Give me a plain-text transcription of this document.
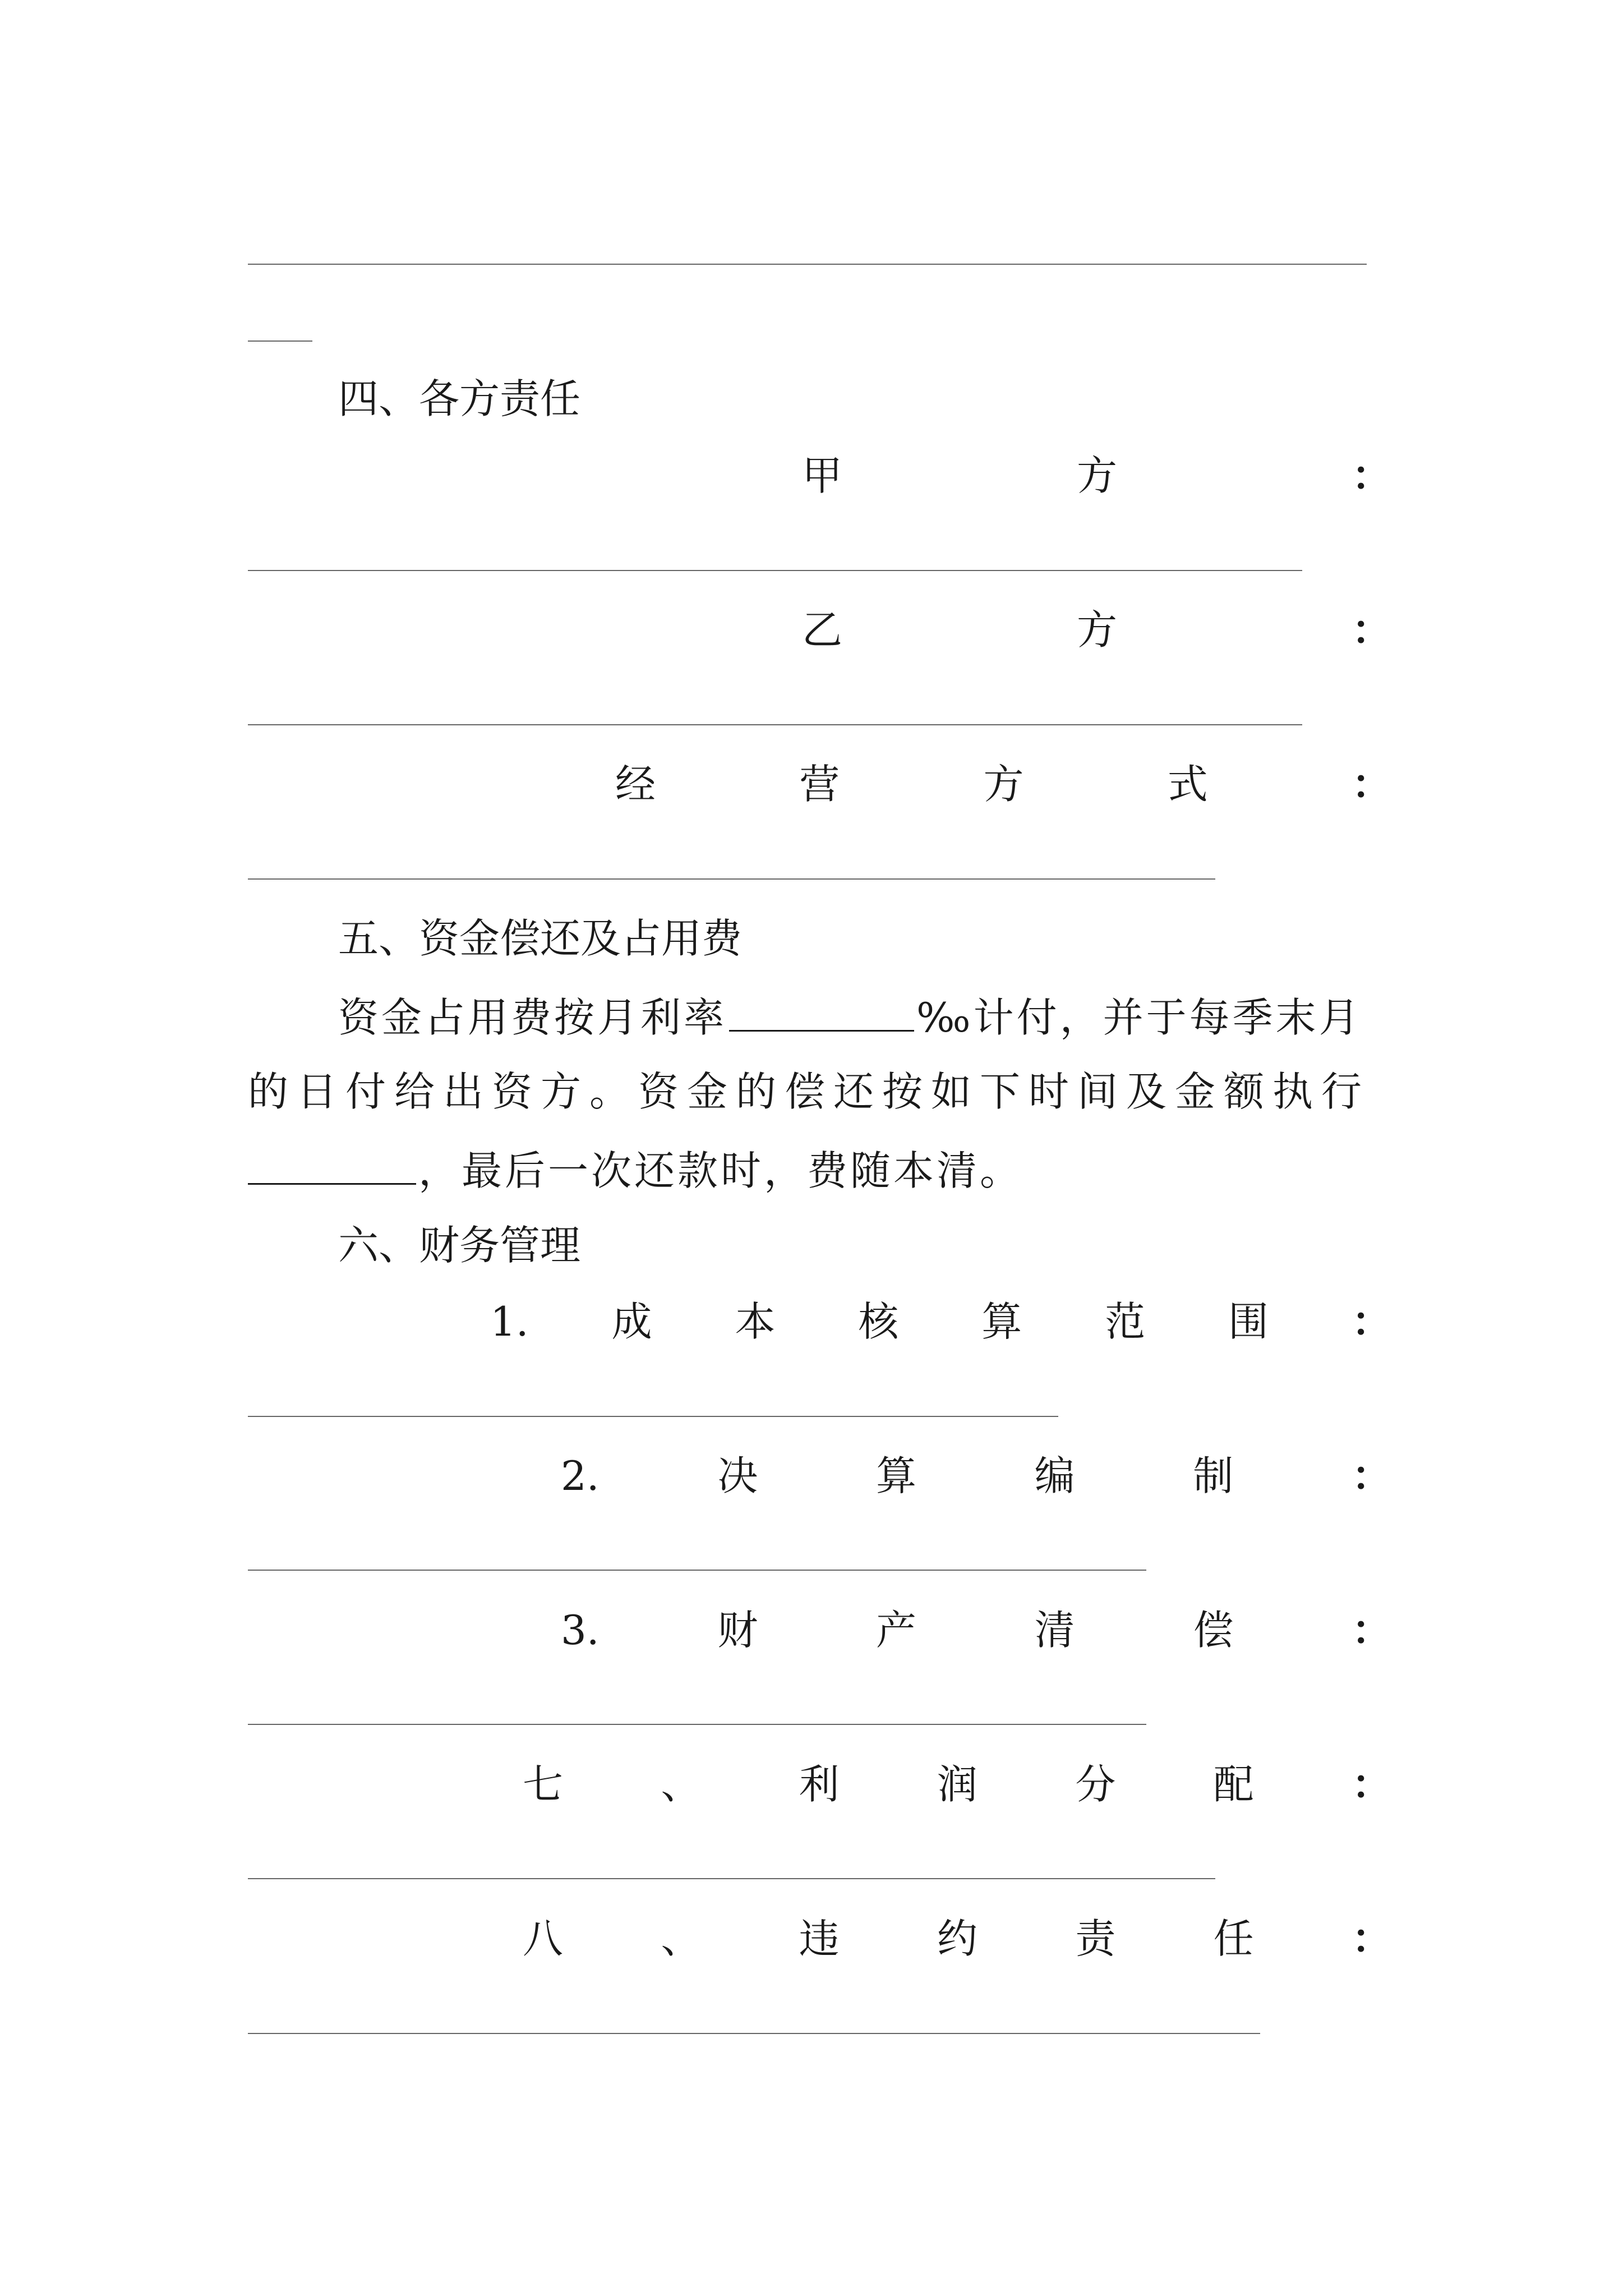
四、各方责任
甲	方	：
乙	方	：
经	营	方	式	：
五、资金偿还及占用费
资金占用费按月利率	‰计付，并于每季末月
的日付给出资方。资金的偿还按如下时间及金额执行
，最后一次还款时，费随本清。
六、财务管理
1. 成 本 核 算 范 围 ：
2.	决	算	编	制	：
3.	财	产	清	偿	：
七 、 利 润 分 配 ：
八 、 违 约 责 任 ：
